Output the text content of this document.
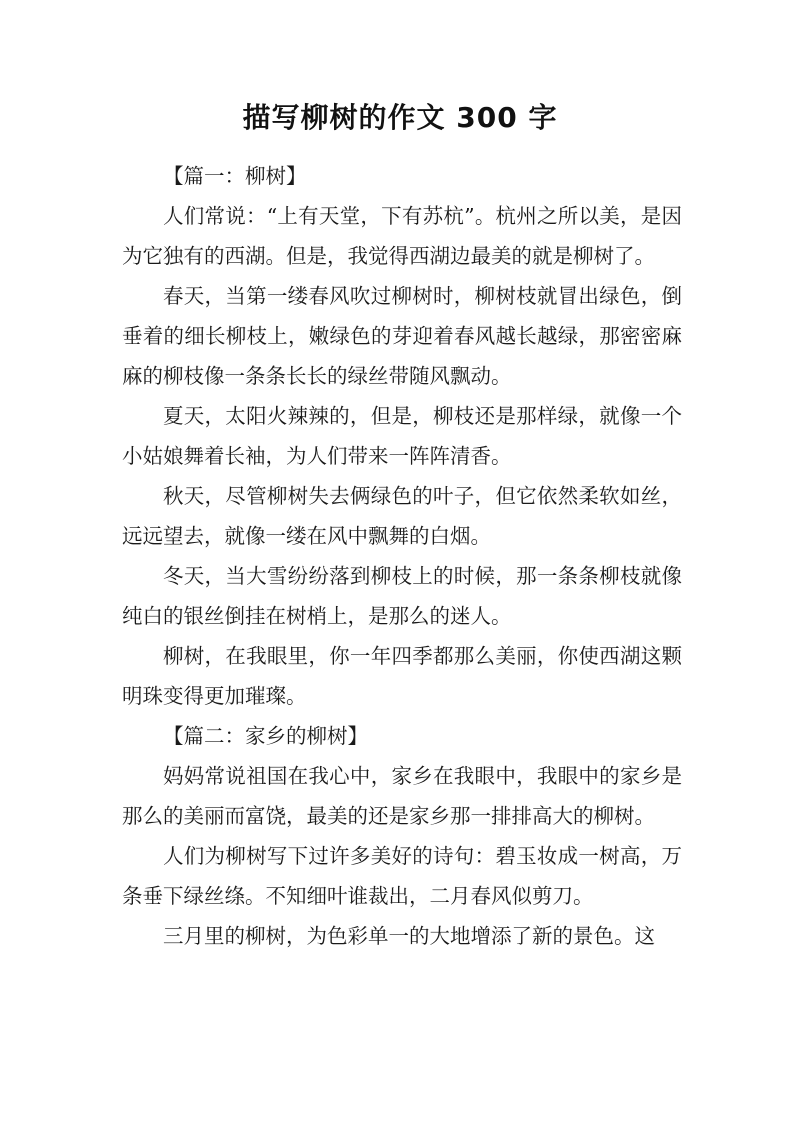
描写柳树的作文 300 字

【篇一：柳树】

人们常说：“上有天堂，下有苏杭”。杭州之所以美，是因为它独有的西湖。但是，我觉得西湖边最美的就是柳树了。

春天，当第一缕春风吹过柳树时，柳树枝就冒出绿色，倒垂着的细长柳枝上，嫩绿色的芽迎着春风越长越绿，那密密麻麻的柳枝像一条条长长的绿丝带随风飘动。

夏天，太阳火辣辣的，但是，柳枝还是那样绿，就像一个小姑娘舞着长袖，为人们带来一阵阵清香。

秋天，尽管柳树失去俩绿色的叶子，但它依然柔软如丝，远远望去，就像一缕在风中飘舞的白烟。

冬天，当大雪纷纷落到柳枝上的时候，那一条条柳枝就像纯白的银丝倒挂在树梢上，是那么的迷人。

柳树，在我眼里，你一年四季都那么美丽，你使西湖这颗明珠变得更加璀璨。

【篇二：家乡的柳树】

妈妈常说祖国在我心中，家乡在我眼中，我眼中的家乡是那么的美丽而富饶，最美的还是家乡那一排排高大的柳树。

人们为柳树写下过许多美好的诗句：碧玉妆成一树高，万条垂下绿丝绦。不知细叶谁裁出，二月春风似剪刀。

三月里的柳树，为色彩单一的大地增添了新的景色。这
